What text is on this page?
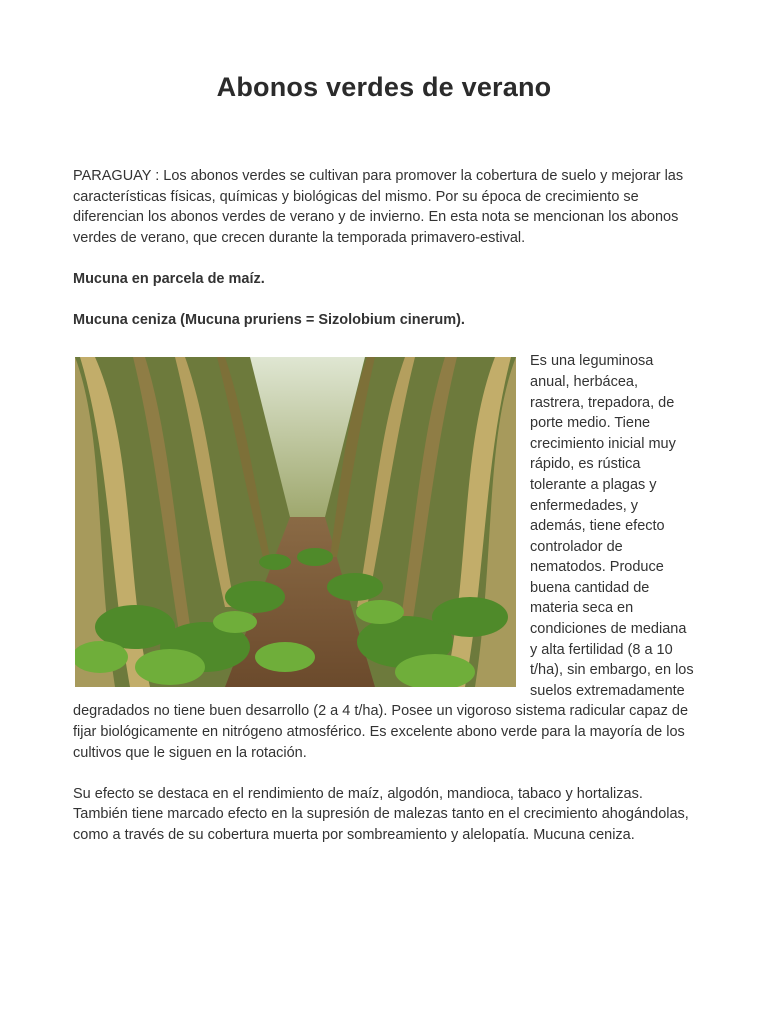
Abonos verdes de verano

PARAGUAY : Los abonos verdes se cultivan para promover la cobertura de suelo y mejorar las características físicas, químicas y biológicas del mismo. Por su época de crecimiento se diferencian los abonos verdes de verano y de invierno. En esta nota se mencionan los abonos verdes de verano, que crecen durante la temporada primavero-estival.

Mucuna en parcela de maíz.

Mucuna ceniza (Mucuna pruriens = Sizolobium cinerum).

Es una leguminosa anual, herbácea, rastrera, trepadora, de porte medio. Tiene crecimiento inicial muy rápido, es rústica tolerante a plagas y enfermedades, y además, tiene efecto controlador de nematodos. Produce buena cantidad de materia seca en condiciones de mediana y alta fertilidad (8 a 10 t/ha), sin embargo, en los suelos extremadamente degradados no tiene buen desarrollo (2 a 4 t/ha). Posee un vigoroso sistema radicular capaz de fijar biológicamente en nitrógeno atmosférico. Es excelente abono verde para la mayoría de los cultivos que le siguen en la rotación.

Su efecto se destaca en el rendimiento de maíz, algodón, mandioca, tabaco y hortalizas. También tiene marcado efecto en la supresión de malezas tanto en el crecimiento ahogándolas, como a través de su cobertura muerta por sombreamiento y alelopatía. Mucuna ceniza.
